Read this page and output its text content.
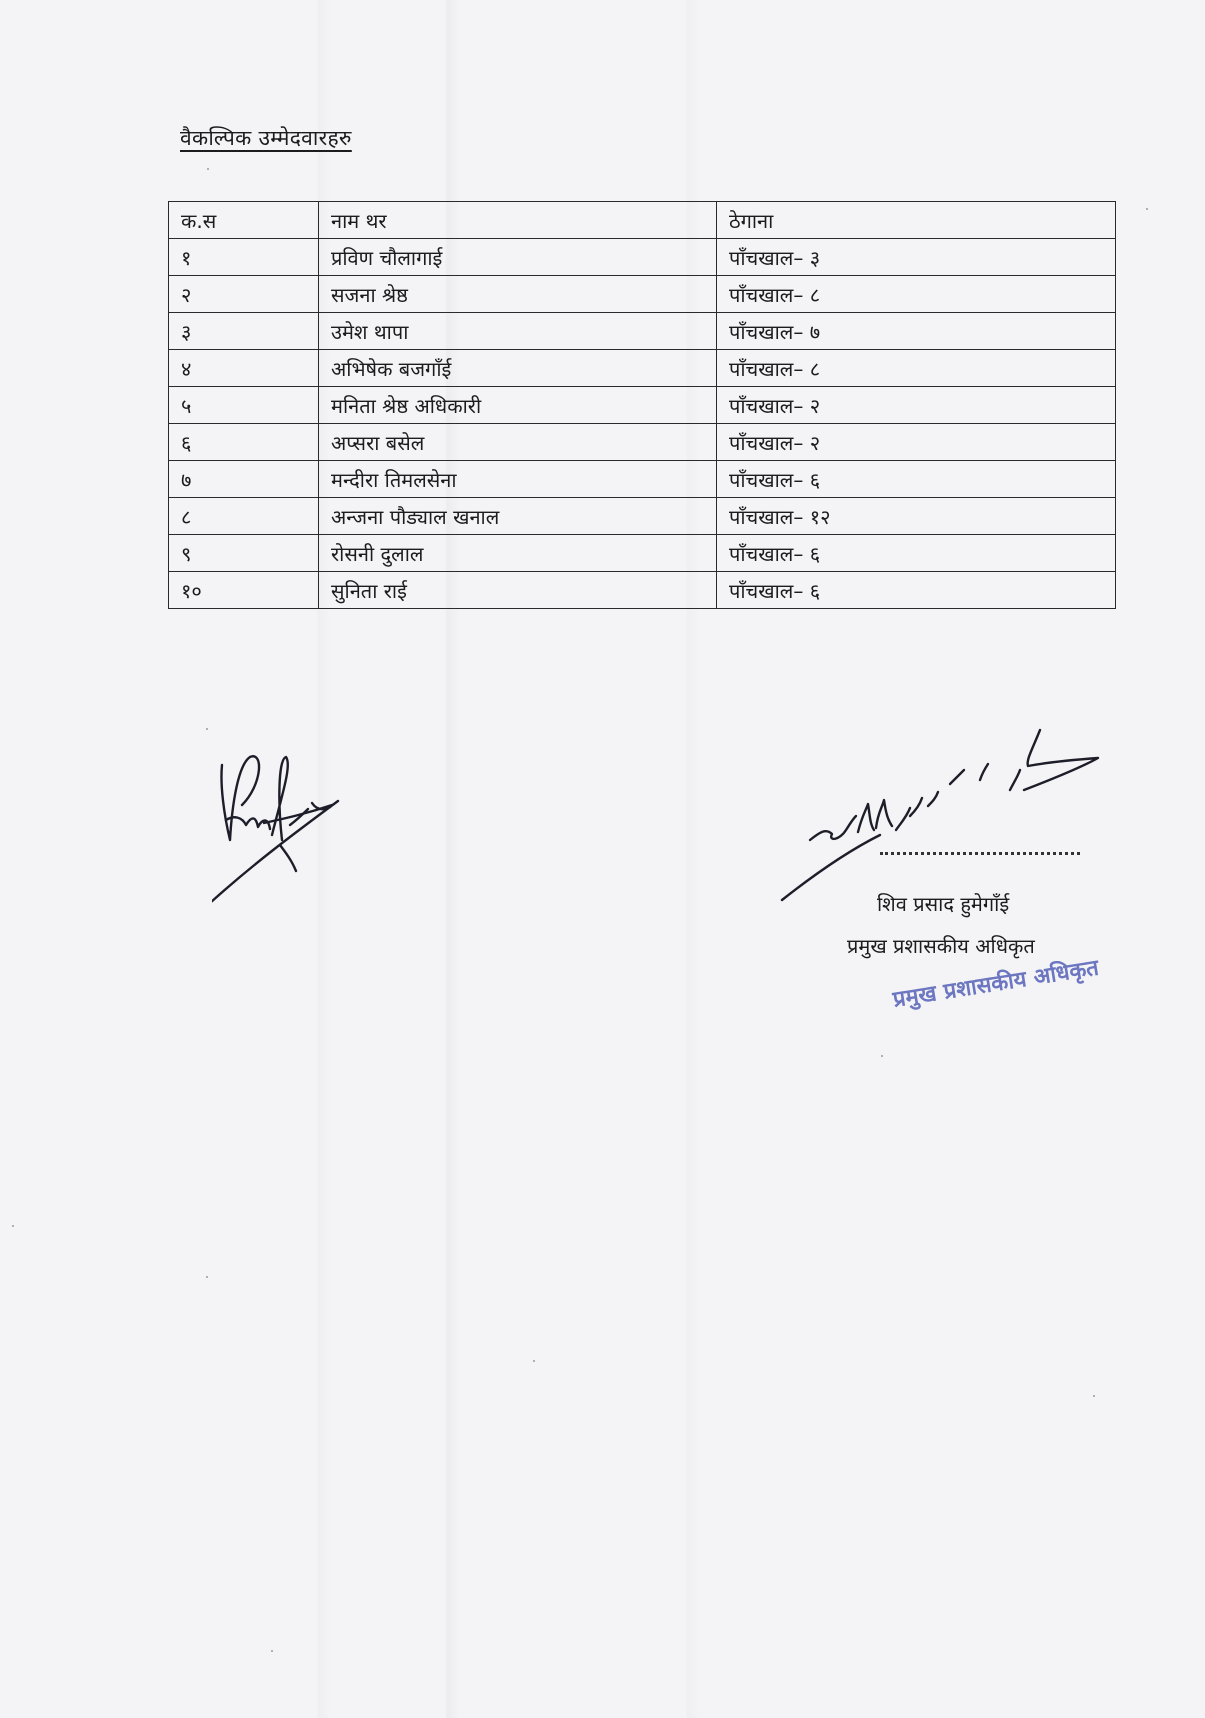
वैकल्पिक उम्मेदवारहरु
क.स	नाम थर	ठेगाना
१	प्रविण चौलागाई	पाँचखाल– ३
२	सजना श्रेष्ठ	पाँचखाल– ८
३	उमेश थापा	पाँचखाल– ७
४	अभिषेक बजगाँई	पाँचखाल– ८
५	मनिता श्रेष्ठ अधिकारी	पाँचखाल– २
६	अप्सरा बसेल	पाँचखाल– २
७	मन्दीरा तिमलसेना	पाँचखाल– ६
८	अन्जना पौड्याल खनाल	पाँचखाल– १२
९	रोसनी दुलाल	पाँचखाल– ६
१०	सुनिता राई	पाँचखाल– ६
शिव प्रसाद हुमेगाँई
प्रमुख प्रशासकीय अधिकृत
प्रमुख प्रशासकीय अधिकृत
